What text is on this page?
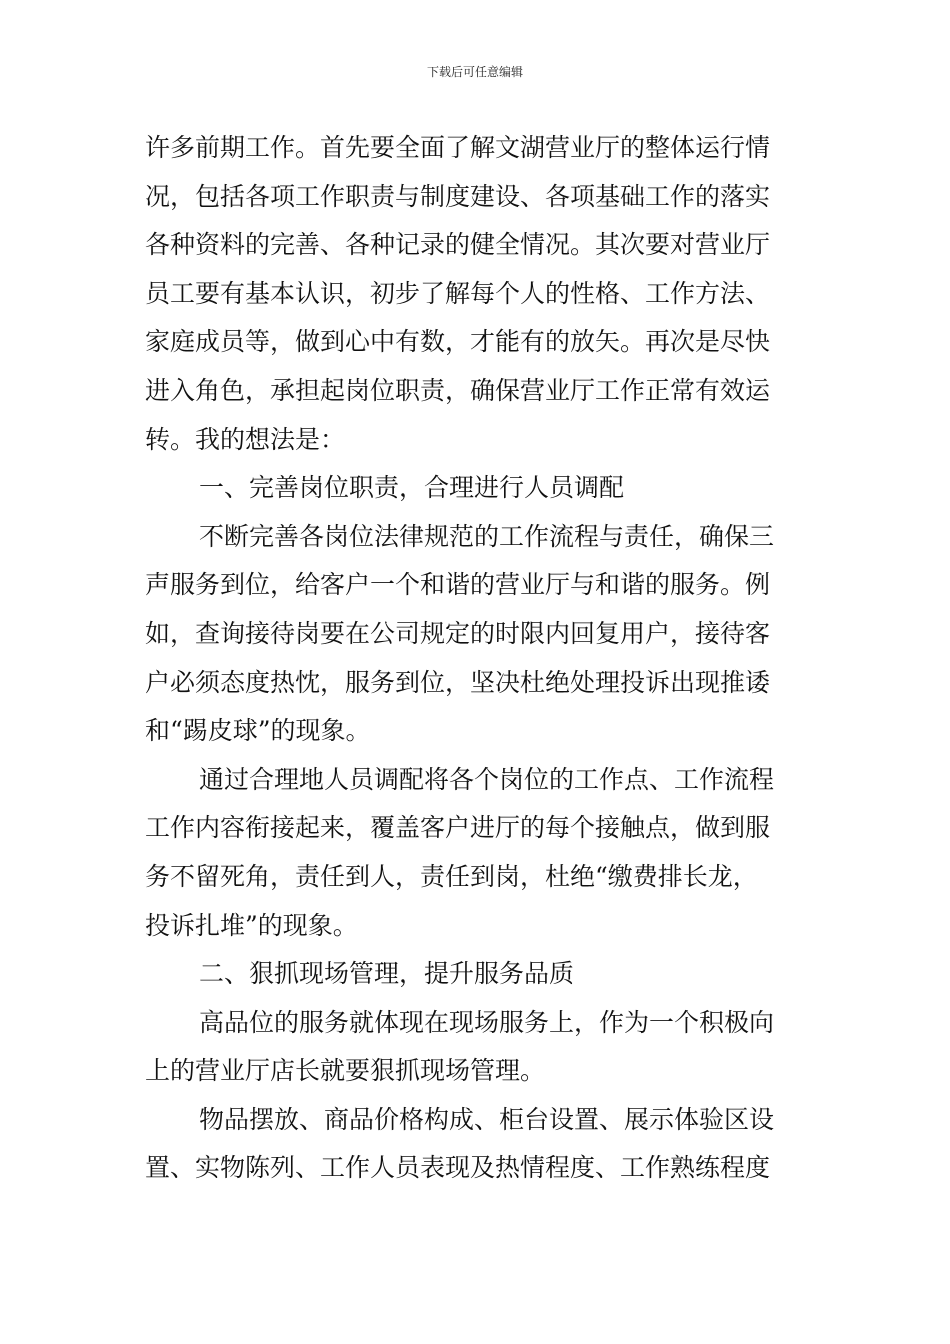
下载后可任意编辑
许多前期工作。首先要全面了解文湖营业厅的整体运行情
况，包括各项工作职责与制度建设、各项基础工作的落实
各种资料的完善、各种记录的健全情况。其次要对营业厅
员工要有基本认识，初步了解每个人的性格、工作方法、
家庭成员等，做到心中有数，才能有的放矢。再次是尽快
进入角色，承担起岗位职责，确保营业厅工作正常有效运
转。我的想法是：
一、完善岗位职责，合理进行人员调配
不断完善各岗位法律规范的工作流程与责任，确保三
声服务到位，给客户一个和谐的营业厅与和谐的服务。例
如，查询接待岗要在公司规定的时限内回复用户，接待客
户必须态度热忱，服务到位，坚决杜绝处理投诉出现推诿
和“踢皮球”的现象。
通过合理地人员调配将各个岗位的工作点、工作流程
工作内容衔接起来，覆盖客户进厅的每个接触点，做到服
务不留死角，责任到人，责任到岗，杜绝“缴费排长龙，
投诉扎堆”的现象。
二、狠抓现场管理，提升服务品质
高品位的服务就体现在现场服务上，作为一个积极向
上的营业厅店长就要狠抓现场管理。
物品摆放、商品价格构成、柜台设置、展示体验区设
置、实物陈列、工作人员表现及热情程度、工作熟练程度
